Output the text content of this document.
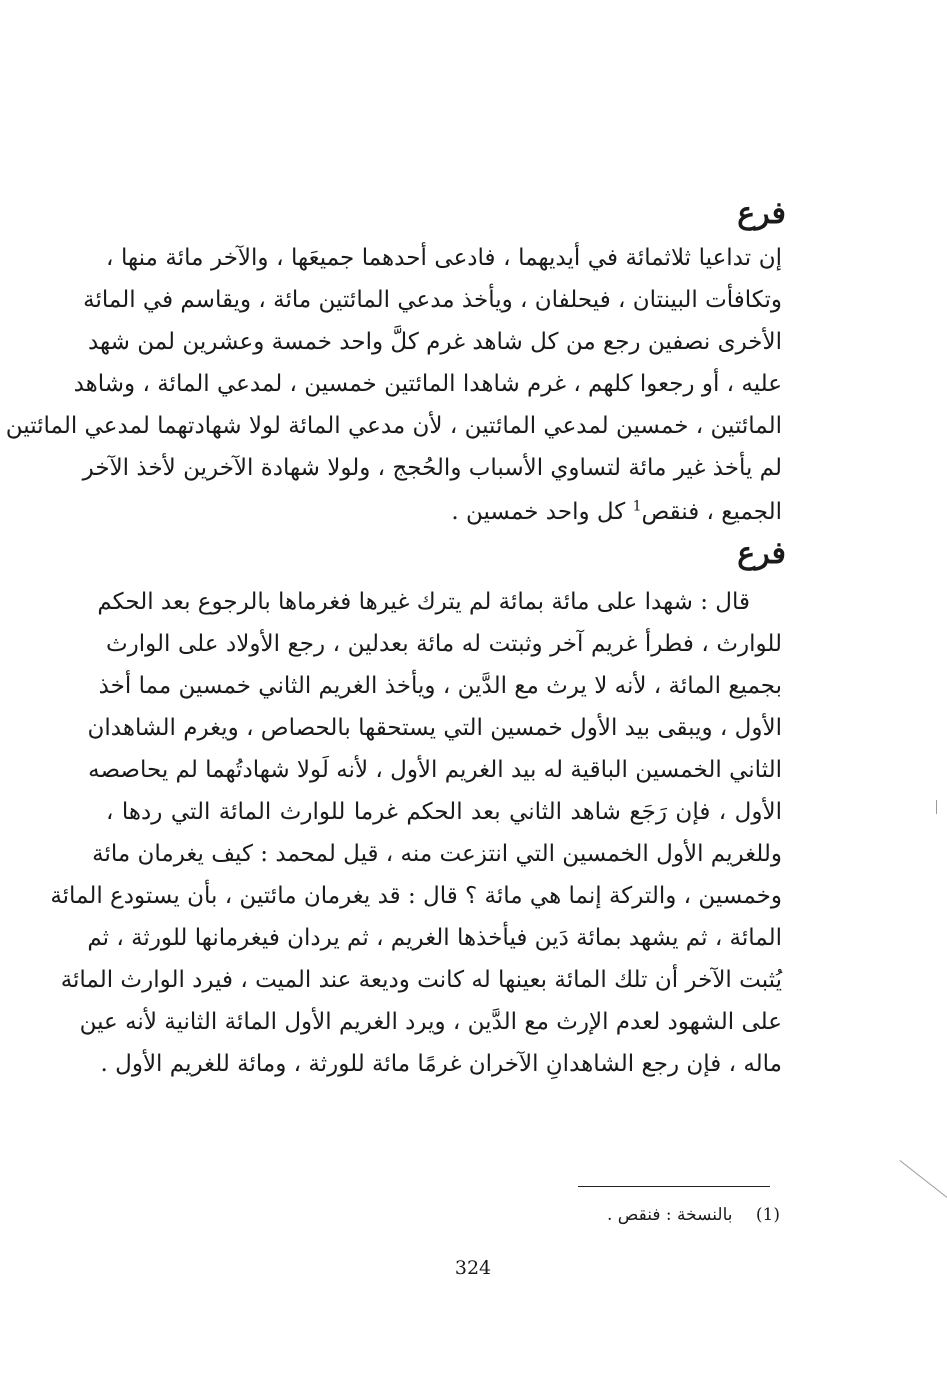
فرع
إن تداعيا ثلاثمائة في أيديهما ، فادعى أحدهما جميعَها ، والآخر مائة منها ،
وتكافأت البينتان ، فيحلفان ، ويأخذ مدعي المائتين مائة ، ويقاسم في المائة
الأخرى نصفين رجع من كل شاهد غرم كلَّ واحد خمسة وعشرين لمن شهد
عليه ، أو رجعوا كلهم ، غرم شاهدا المائتين خمسين ، لمدعي المائة ، وشاهد
المائتين ، خمسين لمدعي المائتين ، لأن مدعي المائة لولا شهادتهما لمدعي المائتين
لم يأخذ غير مائة لتساوي الأسباب والحُجج ، ولولا شهادة الآخرين لأخذ الآخر
الجميع ، فنقص$^1$ كل واحد خمسين .
فرع
قال : شهدا على مائة بمائة لم يترك غيرها فغرماها بالرجوع بعد الحكم
للوارث ، فطرأ غريم آخر وثبتت له مائة بعدلين ، رجع الأولاد على الوارث
بجميع المائة ، لأنه لا يرث مع الدَّين ، ويأخذ الغريم الثاني خمسين مما أخذ
الأول ، ويبقى بيد الأول خمسين التي يستحقها بالحصاص ، ويغرم الشاهدان
الثاني الخمسين الباقية له بيد الغريم الأول ، لأنه لَولا شهادتُهما لم يحاصصه
الأول ، فإن رَجَع شاهد الثاني بعد الحكم غرما للوارث المائة التي ردها ،
وللغريم الأول الخمسين التي انتزعت منه ، قيل لمحمد : كيف يغرمان مائة
وخمسين ، والتركة إنما هي مائة ؟ قال : قد يغرمان مائتين ، بأن يستودع المائة
المائة ، ثم يشهد بمائة دَين فيأخذها الغريم ، ثم يردان فيغرمانها للورثة ، ثم
يُثبت الآخر أن تلك المائة بعينها له كانت وديعة عند الميت ، فيرد الوارث المائة
على الشهود لعدم الإرث مع الدَّين ، ويرد الغريم الأول المائة الثانية لأنه عين
ماله ، فإن رجع الشاهدانِ الآخران غرمًا مائة للورثة ، ومائة للغريم الأول .
(1) بالنسخة : فنقص .
324
